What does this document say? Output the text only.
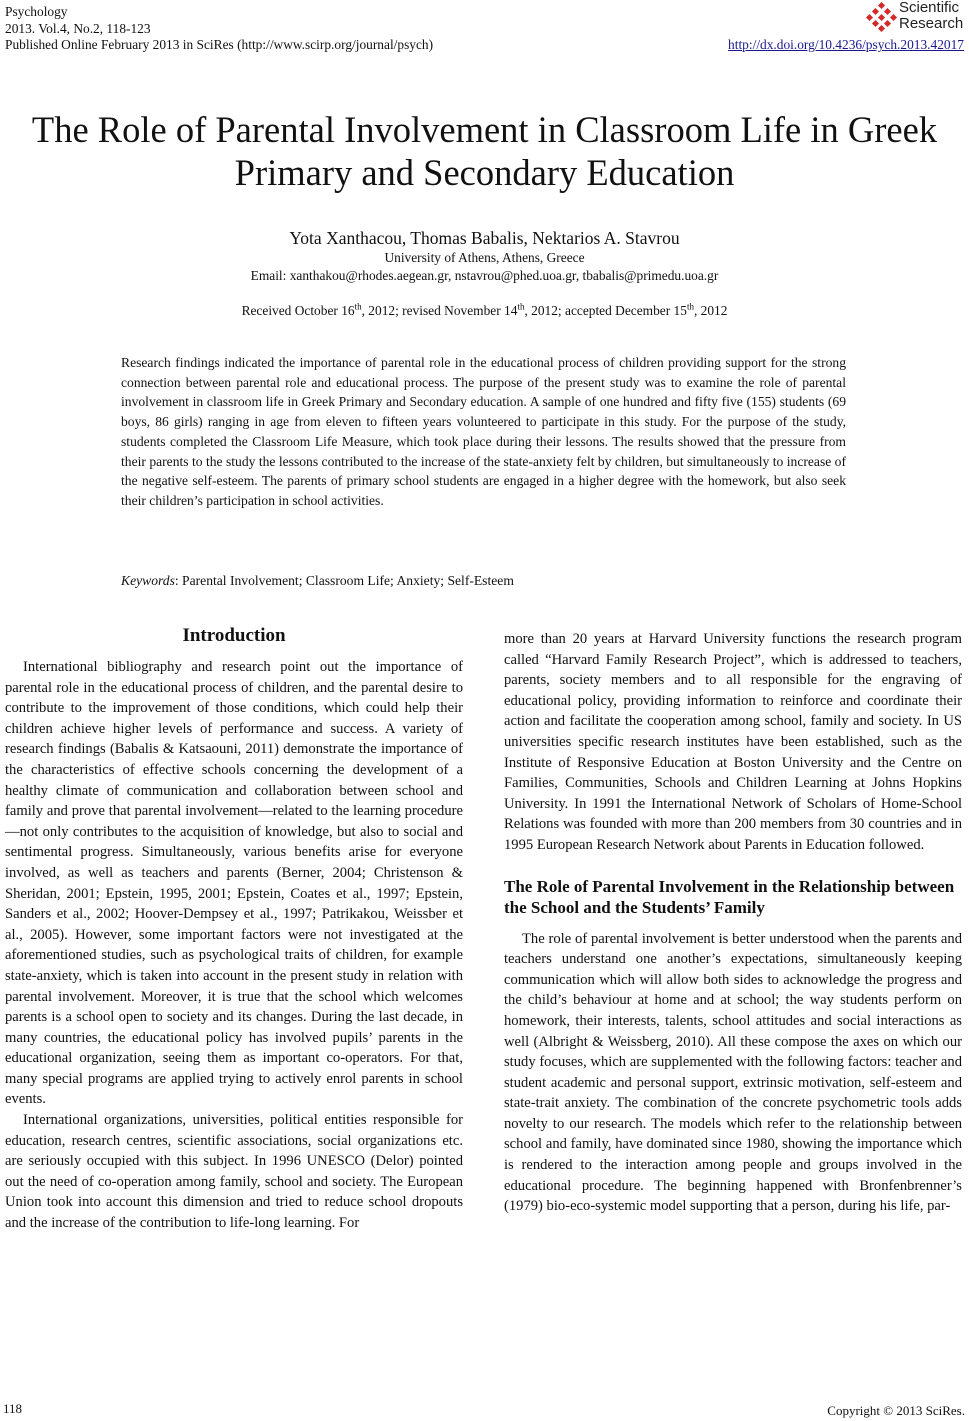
Psychology
2013. Vol.4, No.2, 118-123
Published Online February 2013 in SciRes (http://www.scirp.org/journal/psych)	http://dx.doi.org/10.4236/psych.2013.42017
Scientific
Research
The Role of Parental Involvement in Classroom Life in Greek Primary and Secondary Education
Yota Xanthacou, Thomas Babalis, Nektarios A. Stavrou
University of Athens, Athens, Greece
Email: xanthakou@rhodes.aegean.gr, nstavrou@phed.uoa.gr, tbabalis@primedu.uoa.gr
Received October 16th, 2012; revised November 14th, 2012; accepted December 15th, 2012

Research findings indicated the importance of parental role in the educational process of children providing support for the strong connection between parental role and educational process. The purpose of the present study was to examine the role of parental involvement in classroom life in Greek Primary and Secondary education. A sample of one hundred and fifty five (155) students (69 boys, 86 girls) ranging in age from eleven to fifteen years volunteered to participate in this study. For the purpose of the study, students completed the Classroom Life Measure, which took place during their lessons. The results showed that the pressure from their parents to the study the lessons contributed to the increase of the state-anxiety felt by children, but simultaneously to increase of the negative self-esteem. The parents of primary school students are engaged in a higher degree with the homework, but also seek their children’s participation in school activities.

Keywords: Parental Involvement; Classroom Life; Anxiety; Self-Esteem

Introduction

International bibliography and research point out the importance of parental role in the educational process of children, and the parental desire to contribute to the improvement of those conditions, which could help their children achieve higher levels of performance and success. A variety of research findings (Babalis & Katsaouni, 2011) demonstrate the importance of the characteristics of effective schools concerning the development of a healthy climate of communication and collaboration between school and family and prove that parental involvement—related to the learning procedure—not only contributes to the acquisition of knowledge, but also to social and sentimental progress. Simultaneously, various benefits arise for everyone involved, as well as teachers and parents (Berner, 2004; Christenson & Sheridan, 2001; Epstein, 1995, 2001; Epstein, Coates et al., 1997; Epstein, Sanders et al., 2002; Hoover-Dempsey et al., 1997; Patrikakou, Weissber et al., 2005). However, some important factors were not investigated at the aforementioned studies, such as psychological traits of children, for example state-anxiety, which is taken into account in the present study in relation with parental involvement. Moreover, it is true that the school which welcomes parents is a school open to society and its changes. During the last decade, in many countries, the educational policy has involved pupils’ parents in the educational organization, seeing them as important co-operators. For that, many special programs are applied trying to actively enrol parents in school events.

International organizations, universities, political entities responsible for education, research centres, scientific associations, social organizations etc. are seriously occupied with this subject. In 1996 UNESCO (Delor) pointed out the need of co-operation among family, school and society. The European Union took into account this dimension and tried to reduce school dropouts and the increase of the contribution to life-long learning. For

more than 20 years at Harvard University functions the research program called “Harvard Family Research Project”, which is addressed to teachers, parents, society members and to all responsible for the engraving of educational policy, providing information to reinforce and coordinate their action and facilitate the cooperation among school, family and society. In US universities specific research institutes have been established, such as the Institute of Responsive Education at Boston University and the Centre on Families, Communities, Schools and Children Learning at Johns Hopkins University. In 1991 the International Network of Scholars of Home-School Relations was founded with more than 200 members from 30 countries and in 1995 European Research Network about Parents in Education followed.

The Role of Parental Involvement in the Relationship between the School and the Students’ Family

The role of parental involvement is better understood when the parents and teachers understand one another’s expectations, simultaneously keeping communication which will allow both sides to acknowledge the progress and the child’s behaviour at home and at school; the way students perform on homework, their interests, talents, school attitudes and social interactions as well (Albright & Weissberg, 2010). All these compose the axes on which our study focuses, which are supplemented with the following factors: teacher and student academic and personal support, extrinsic motivation, self-esteem and state-trait anxiety. The combination of the concrete psychometric tools adds novelty to our research. The models which refer to the relationship between school and family, have dominated since 1980, showing the importance which is rendered to the interaction among people and groups involved in the educational procedure. The beginning happened with Bronfenbrenner’s (1979) bio-eco-systemic model supporting that a person, during his life, par-

118	Copyright © 2013 SciRes.
